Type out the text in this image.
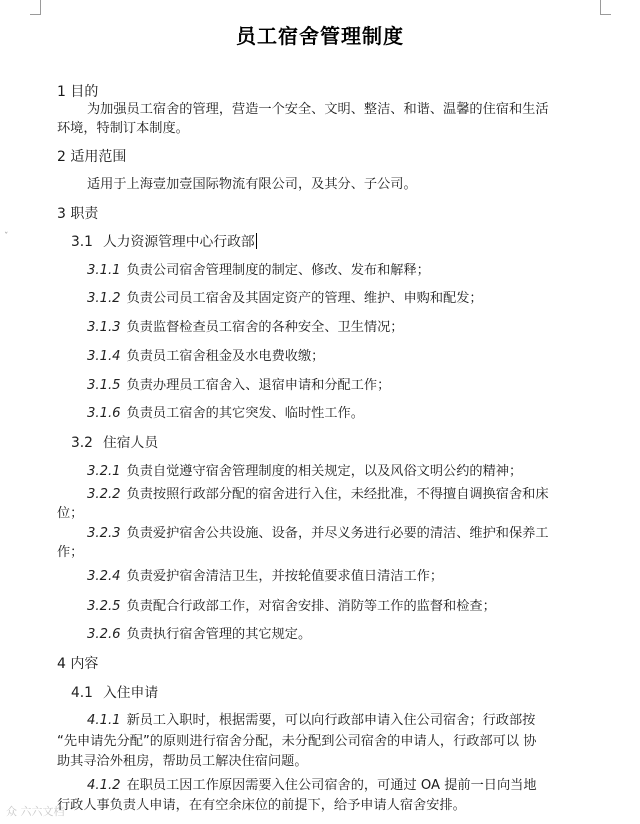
员工宿舍管理制度
1 目的
为加强员工宿舍的管理，营造一个安全、文明、整洁、和谐、温馨的住宿和生活
环境，特制订本制度。
2 适用范围
适用于上海壹加壹国际物流有限公司，及其分、子公司。
3 职责
3.1 人力资源管理中心行政部
3.1.1 负责公司宿舍管理制度的制定、修改、发布和解释；
3.1.2 负责公司员工宿舍及其固定资产的管理、维护、申购和配发；
3.1.3 负责监督检查员工宿舍的各种安全、卫生情况；
3.1.4 负责员工宿舍租金及水电费收缴；
3.1.5 负责办理员工宿舍入、退宿申请和分配工作；
3.1.6 负责员工宿舍的其它突发、临时性工作。
3.2 住宿人员
3.2.1 负责自觉遵守宿舍管理制度的相关规定，以及风俗文明公约的精神；
3.2.2 负责按照行政部分配的宿舍进行入住，未经批准，不得擅自调换宿舍和床
位；
3.2.3 负责爱护宿舍公共设施、设备，并尽义务进行必要的清洁、维护和保养工
作；
3.2.4 负责爱护宿舍清洁卫生，并按轮值要求值日清洁工作；
3.2.5 负责配合行政部工作，对宿舍安排、消防等工作的监督和检查；
3.2.6 负责执行宿舍管理的其它规定。
4 内容
4.1 入住申请
4.1.1 新员工入职时，根据需要，可以向行政部申请入住公司宿舍；行政部按
“先申请先分配”的原则进行宿舍分配，未分配到公司宿舍的申请人，行政部可以 协
助其寻洽外租房，帮助员工解决住宿问题。
4.1.2 在职员工因工作原因需要入住公司宿舍的，可通过 OA 提前一日向当地
行政人事负责人申请，在有空余床位的前提下，给予申请人宿舍安排。
ˇ
众 六六文档
